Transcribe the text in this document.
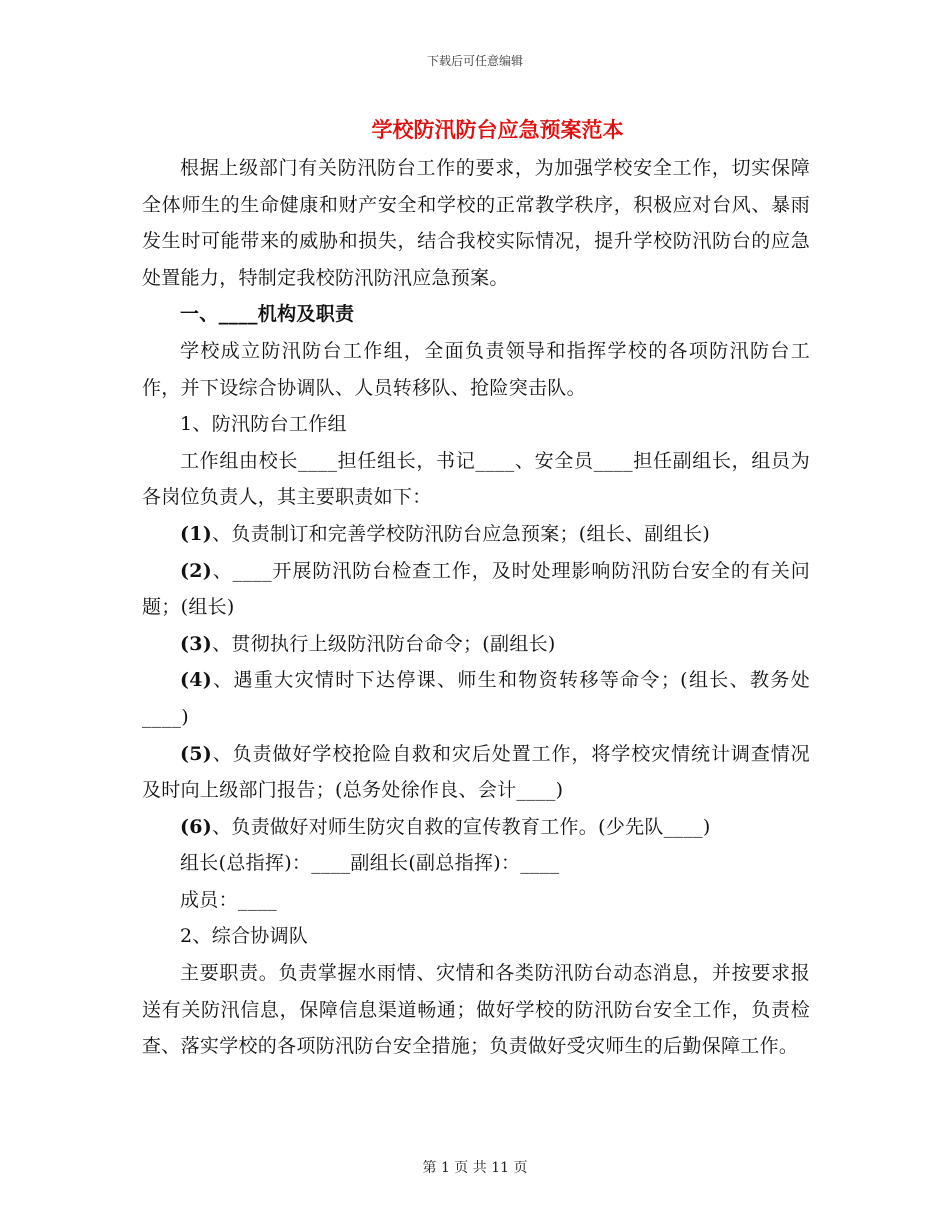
下载后可任意编辑
学校防汛防台应急预案范本

根据上级部门有关防汛防台工作的要求，为加强学校安全工作，切实保障全体师生的生命健康和财产安全和学校的正常教学秩序，积极应对台风、暴雨发生时可能带来的威胁和损失，结合我校实际情况，提升学校防汛防台的应急处置能力，特制定我校防汛防汛应急预案。

一、____机构及职责

学校成立防汛防台工作组，全面负责领导和指挥学校的各项防汛防台工作，并下设综合协调队、人员转移队、抢险突击队。

1、防汛防台工作组

工作组由校长____担任组长，书记____、安全员____担任副组长，组员为各岗位负责人，其主要职责如下：

(1)、负责制订和完善学校防汛防台应急预案；(组长、副组长)

(2)、____开展防汛防台检查工作，及时处理影响防汛防台安全的有关问题；(组长)

(3)、贯彻执行上级防汛防台命令；(副组长)

(4)、遇重大灾情时下达停课、师生和物资转移等命令；(组长、教务处____)

(5)、负责做好学校抢险自救和灾后处置工作，将学校灾情统计调查情况及时向上级部门报告；(总务处徐作良、会计____)

(6)、负责做好对师生防灾自救的宣传教育工作。(少先队____)

组长(总指挥)：____副组长(副总指挥)：____

成员：____

2、综合协调队

主要职责。负责掌握水雨情、灾情和各类防汛防台动态消息，并按要求报送有关防汛信息，保障信息渠道畅通；做好学校的防汛防台安全工作，负责检查、落实学校的各项防汛防台安全措施；负责做好受灾师生的后勤保障工作。

第 1 页 共 11 页
